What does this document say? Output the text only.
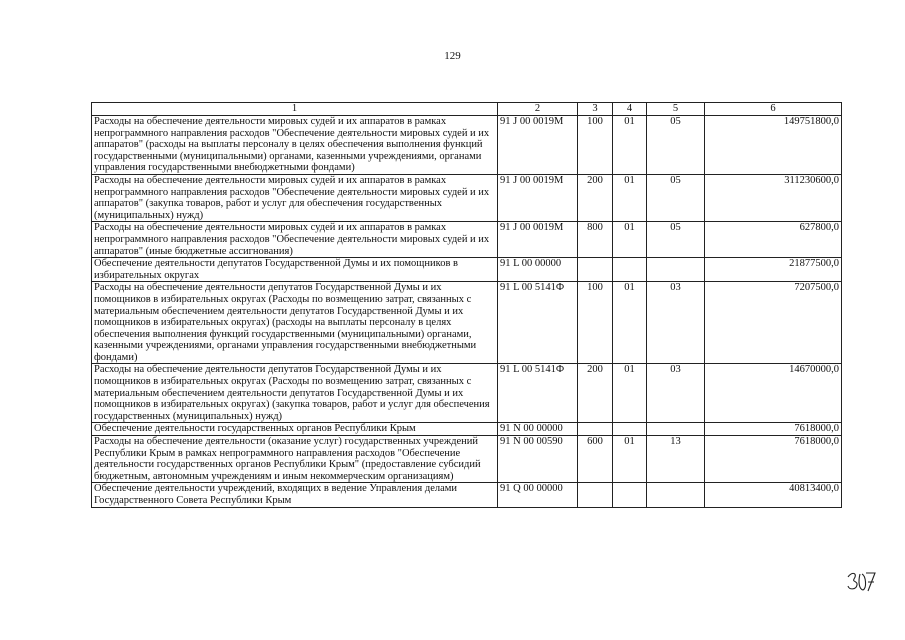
129
1	2	3	4	5	6
Расходы на обеспечение деятельности мировых судей и их аппаратов в рамках непрограммного направления расходов "Обеспечение деятельности мировых судей и их аппаратов" (расходы на выплаты персоналу в целях обеспечения выполнения функций государственными (муниципальными) органами, казенными учреждениями, органами управления государственными внебюджетными фондами)	91 J 00 0019M	100	01	05	149751800,0
Расходы на обеспечение деятельности мировых судей и их аппаратов в рамках непрограммного направления расходов "Обеспечение деятельности мировых судей и их аппаратов" (закупка товаров, работ и услуг для обеспечения государственных (муниципальных) нужд)	91 J 00 0019M	200	01	05	311230600,0
Расходы на обеспечение деятельности мировых судей и их аппаратов в рамках непрограммного направления расходов "Обеспечение деятельности мировых судей и их аппаратов" (иные бюджетные ассигнования)	91 J 00 0019M	800	01	05	627800,0
Обеспечение деятельности депутатов Государственной Думы и их помощников в избирательных округах	91 L 00 00000				21877500,0
Расходы на обеспечение деятельности депутатов Государственной Думы и их помощников в избирательных округах (Расходы по возмещению затрат, связанных с материальным обеспечением деятельности депутатов Государственной Думы и их помощников в избирательных округах) (расходы на выплаты персоналу в целях обеспечения выполнения функций государственными (муниципальными) органами, казенными учреждениями, органами управления государственными внебюджетными фондами)	91 L 00 5141Ф	100	01	03	7207500,0
Расходы на обеспечение деятельности депутатов Государственной Думы и их помощников в избирательных округах (Расходы по возмещению затрат, связанных с материальным обеспечением деятельности депутатов Государственной Думы и их помощников в избирательных округах) (закупка товаров, работ и услуг для обеспечения государственных (муниципальных) нужд)	91 L 00 5141Ф	200	01	03	14670000,0
Обеспечение деятельности государственных органов Республики Крым	91 N 00 00000				7618000,0
Расходы на обеспечение деятельности (оказание услуг) государственных учреждений Республики Крым в рамках непрограммного направления расходов "Обеспечение деятельности государственных органов Республики Крым" (предоставление субсидий бюджетным, автономным учреждениям и иным некоммерческим организациям)	91 N 00 00590	600	01	13	7618000,0
Обеспечение деятельности учреждений, входящих в ведение Управления делами Государственного Совета Республики Крым	91 Q 00 00000				40813400,0
